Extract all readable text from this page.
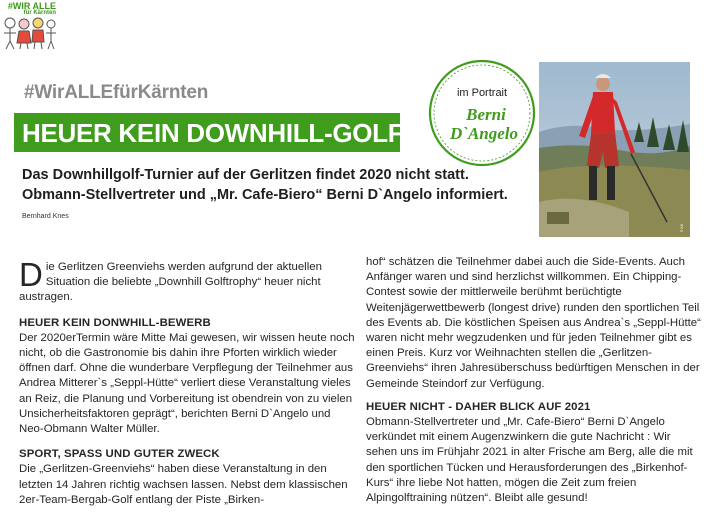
#WIR ALLE
für Kärnten
#WirALLEfürKärnten
HEUER KEIN DOWNHILL-GOLF
im Portrait
Berni
D`Angelo
© KK
Das Downhillgolf-Turnier auf der Gerlitzen findet 2020 nicht statt. Obmann-Stellvertreter und „Mr. Cafe-Biero“ Berni D`Angelo informiert. Bernhard Knes

Die Gerlitzen Greenviehs werden aufgrund der aktuellen Situation die beliebte „Downhill Golftrophy“ heuer nicht austragen.

HEUER KEIN DONWHILL-BEWERB

Der 2020erTermin wäre Mitte Mai gewesen, wir wissen heute noch nicht, ob die Gastronomie bis dahin ihre Pforten wirklich wieder öffnen darf. Ohne die wunderbare Verpflegung der Teilnehmer aus Andrea Mitterer`s „Seppl-Hütte“ verliert diese Veranstaltung vieles an Reiz, die Planung und Vorbereitung ist obendrein von zu vielen Unsicherheitsfaktoren geprägt“, berichten Berni D`Angelo und Neo-Obmann Walter Müller.

SPORT, SPASS UND GUTER ZWECK

Die „Gerlitzen-Greenviehs“ haben diese Veranstaltung in den letzten 14 Jahren richtig wachsen lassen. Nebst dem klassischen 2er-Team-Bergab-Golf entlang der Piste „Birken-

hof“ schätzen die Teilnehmer dabei auch die Side-Events. Auch Anfänger waren und sind herzlichst willkommen. Ein Chipping-Contest sowie der mittlerweile berühmt berüchtigte Weitenjägerwettbewerb (longest drive) runden den sportlichen Teil des Events ab. Die köstlichen Speisen aus Andrea`s „Seppl-Hütte“ waren nicht mehr wegzudenken und für jeden Teilnehmer gibt es einen Preis. Kurz vor Weihnachten stellen die „Gerlitzen-Greenviehs“ ihren Jahresüberschuss bedürftigen Menschen in der Gemeinde Steindorf zur Verfügung.

HEUER NICHT - DAHER BLICK AUF 2021

Obmann-Stellvertreter und „Mr. Cafe-Biero“ Berni D`Angelo verkündet mit einem Augenzwinkern die gute Nachricht : Wir sehen uns im Frühjahr 2021 in alter Frische am Berg, alle die mit den sportlichen Tücken und Herausforderungen des „Birkenhof-Kurs“ ihre liebe Not hatten, mögen die Zeit zum freien Alpingolftraining nützen“. Bleibt alle gesund!
